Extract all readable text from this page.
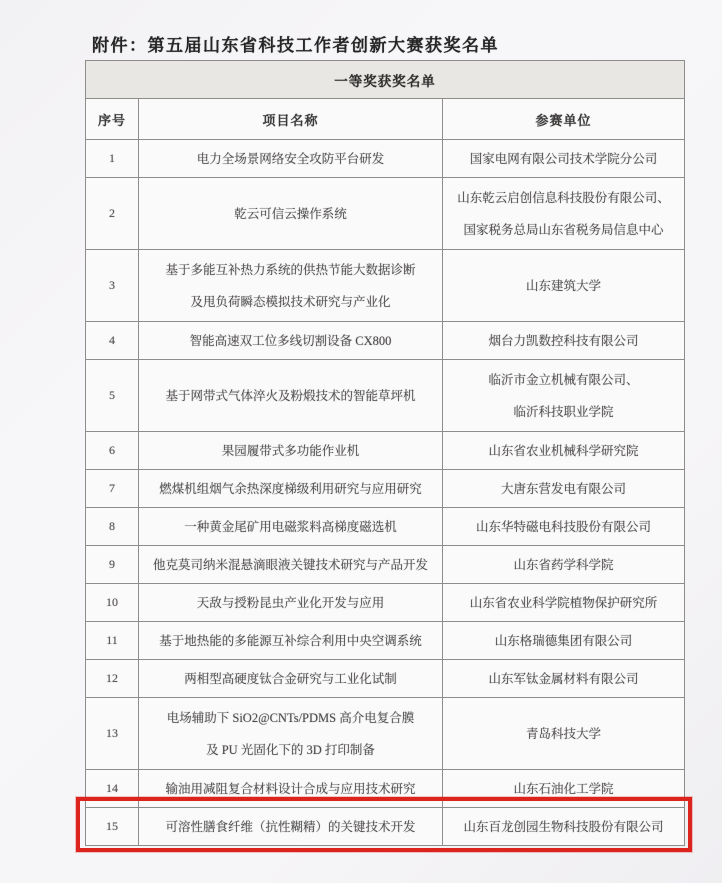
附件：第五届山东省科技工作者创新大赛获奖名单
一等奖获奖名单		
序号	项目名称	参赛单位
1	电力全场景网络安全攻防平台研发	国家电网有限公司技术学院分公司

2	乾云可信云操作系统	山东乾云启创信息科技股份有限公司、
国家税务总局山东省税务局信息中心

3	基于多能互补热力系统的供热节能大数据诊断
及甩负荷瞬态模拟技术研究与产业化	山东建筑大学

4	智能高速双工位多线切割设备 CX800	烟台力凯数控科技有限公司

5	基于网带式气体淬火及粉煅技术的智能草坪机	临沂市金立机械有限公司、
临沂科技职业学院

6	果园履带式多功能作业机	山东省农业机械科学研究院

7	燃煤机组烟气余热深度梯级利用研究与应用研究	大唐东营发电有限公司

8	一种黄金尾矿用电磁浆料高梯度磁选机	山东华特磁电科技股份有限公司

9	他克莫司纳米混悬滴眼液关键技术研究与产品开发	山东省药学科学院

10	天敌与授粉昆虫产业化开发与应用	山东省农业科学院植物保护研究所

11	基于地热能的多能源互补综合利用中央空调系统	山东格瑞德集团有限公司

12	两相型高硬度钛合金研究与工业化试制	山东军钛金属材料有限公司

13	电场辅助下 SiO2@CNTs/PDMS 高介电复合膜
及 PU 光固化下的 3D 打印制备	青岛科技大学

14	输油用减阻复合材料设计合成与应用技术研究	山东石油化工学院

15	可溶性膳食纤维（抗性糊精）的关键技术开发	山东百龙创园生物科技股份有限公司
